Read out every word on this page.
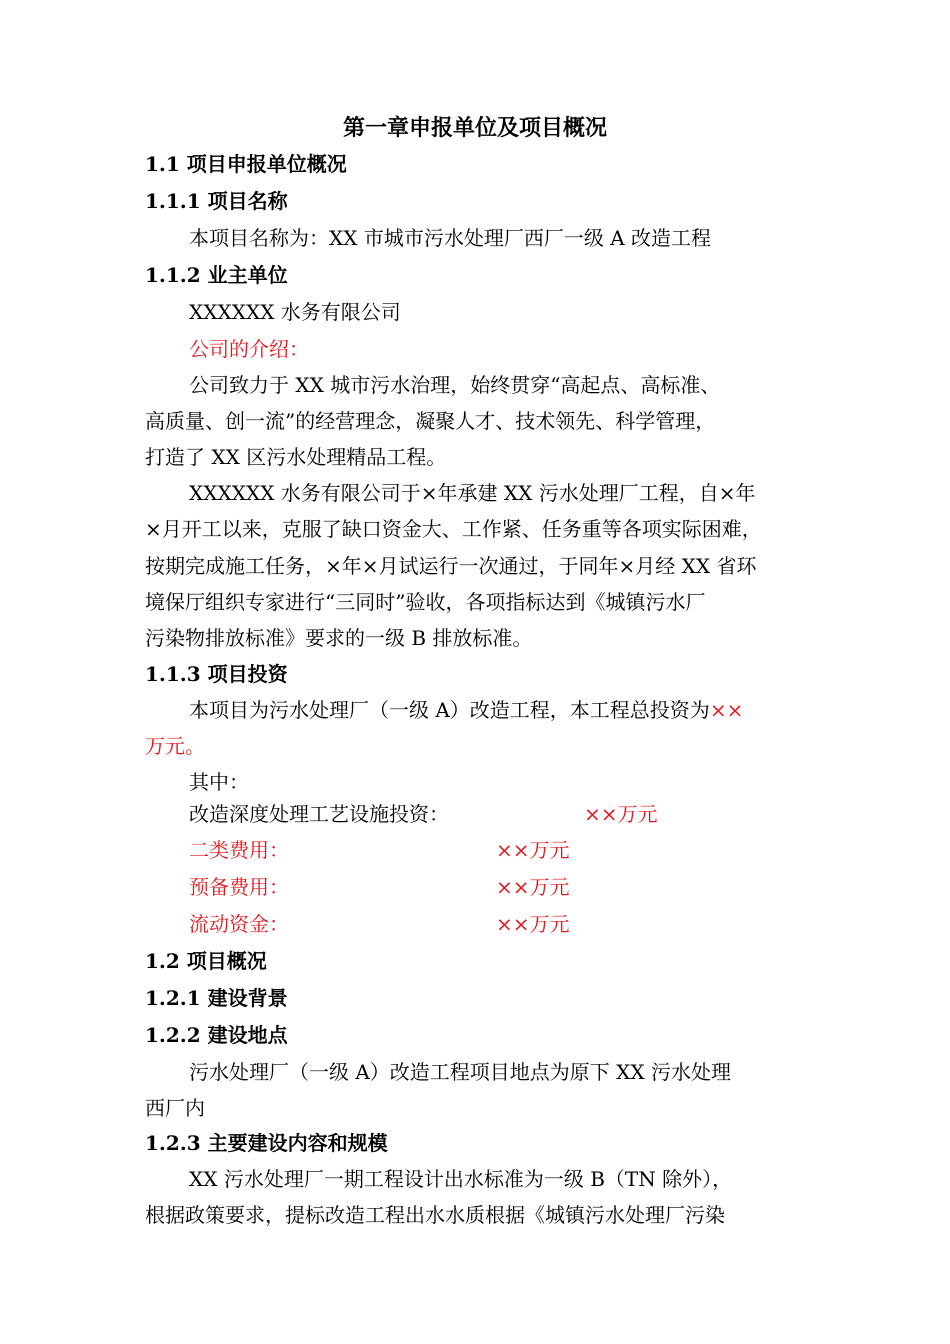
第一章申报单位及项目概况
1.1 项目申报单位概况
1.1.1 项目名称
本项目名称为：XX 市城市污水处理厂西厂一级 A 改造工程
1.1.2 业主单位
XXXXXX 水务有限公司
公司的介绍：
公司致力于 XX 城市污水治理，始终贯穿“高起点、高标准、
高质量、创一流”的经营理念，凝聚人才、技术领先、科学管理，
打造了 XX 区污水处理精品工程。
XXXXXX 水务有限公司于×年承建 XX 污水处理厂工程，自×年
×月开工以来，克服了缺口资金大、工作紧、任务重等各项实际困难，
按期完成施工任务，×年×月试运行一次通过，于同年×月经 XX 省环
境保厅组织专家进行“三同时”验收，各项指标达到《城镇污水厂
污染物排放标准》要求的一级 B 排放标准。
1.1.3 项目投资
本项目为污水处理厂（一级 A）改造工程，本工程总投资为××
万元。
其中：
改造深度处理工艺设施投资：	××万元
二类费用：	××万元
预备费用：	××万元
流动资金：	××万元
1.2 项目概况
1.2.1 建设背景
1.2.2 建设地点
污水处理厂（一级 A）改造工程项目地点为原下 XX 污水处理
西厂内
1.2.3 主要建设内容和规模
XX 污水处理厂一期工程设计出水标准为一级 B（TN 除外），
根据政策要求，提标改造工程出水水质根据《城镇污水处理厂污染
